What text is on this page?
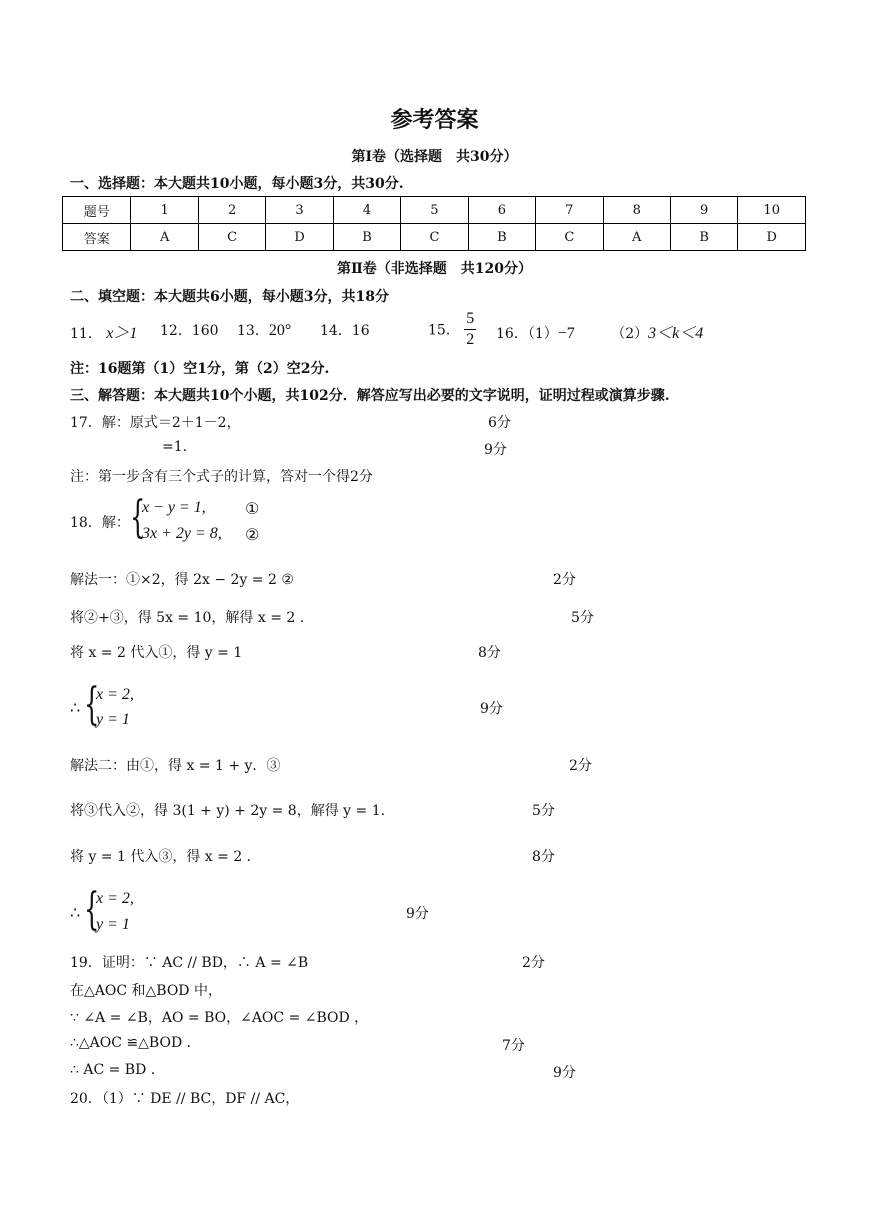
参考答案
第Ⅰ卷（选择题　共30分）
一、选择题：本大题共10小题，每小题3分，共30分.
题号	1	2	3	4	5	6	7	8	9	10
答案	A	C	D	B	C	B	C	A	B	D
第Ⅱ卷（非选择题　共120分）
二、填空题：本大题共6小题，每小题3分，共18分
11． x＞1 12．160 13．20° 14．16	15． $\frac{5}{2} 16$．（1）−7	（2）3＜k＜4
注：16题第（1）空1分，第（2）空2分.
三、解答题：本大题共10个小题，共102分．解答应写出必要的文字说明，证明过程或演算步骤.
17．解：原式＝2＋1－2，	6分
=1.	9分
注：第一步含有三个式子的计算，答对一个得2分
18．解： {
x − y = 1, ①
3x + 2y = 8, ②
解法一：①×2，得 2x − 2y = 2 ②	2分
将②+③，得 5x = 10，解得 x = 2 .	5分
将 x = 2 代入①，得 y = 1	8分
∴ {
x = 2,
y = 1
9分
解法二：由①，得 x = 1 + y．③	2分
将③代入②，得 3(1 + y) + 2y = 8，解得 y = 1.	5分
将 y = 1 代入③，得 x = 2 .	8分
∴ {
x = 2,
y = 1
9分
19．证明：∵ AC // BD，∴ A = ∠B	2分
在△AOC 和△BOD 中，
∵ ∠A = ∠B，AO = BO，∠AOC = ∠BOD ，
∴△AOC ≌△BOD .	7分
∴ AC = BD .	9分
20．（1）∵ DE // BC，DF // AC，
